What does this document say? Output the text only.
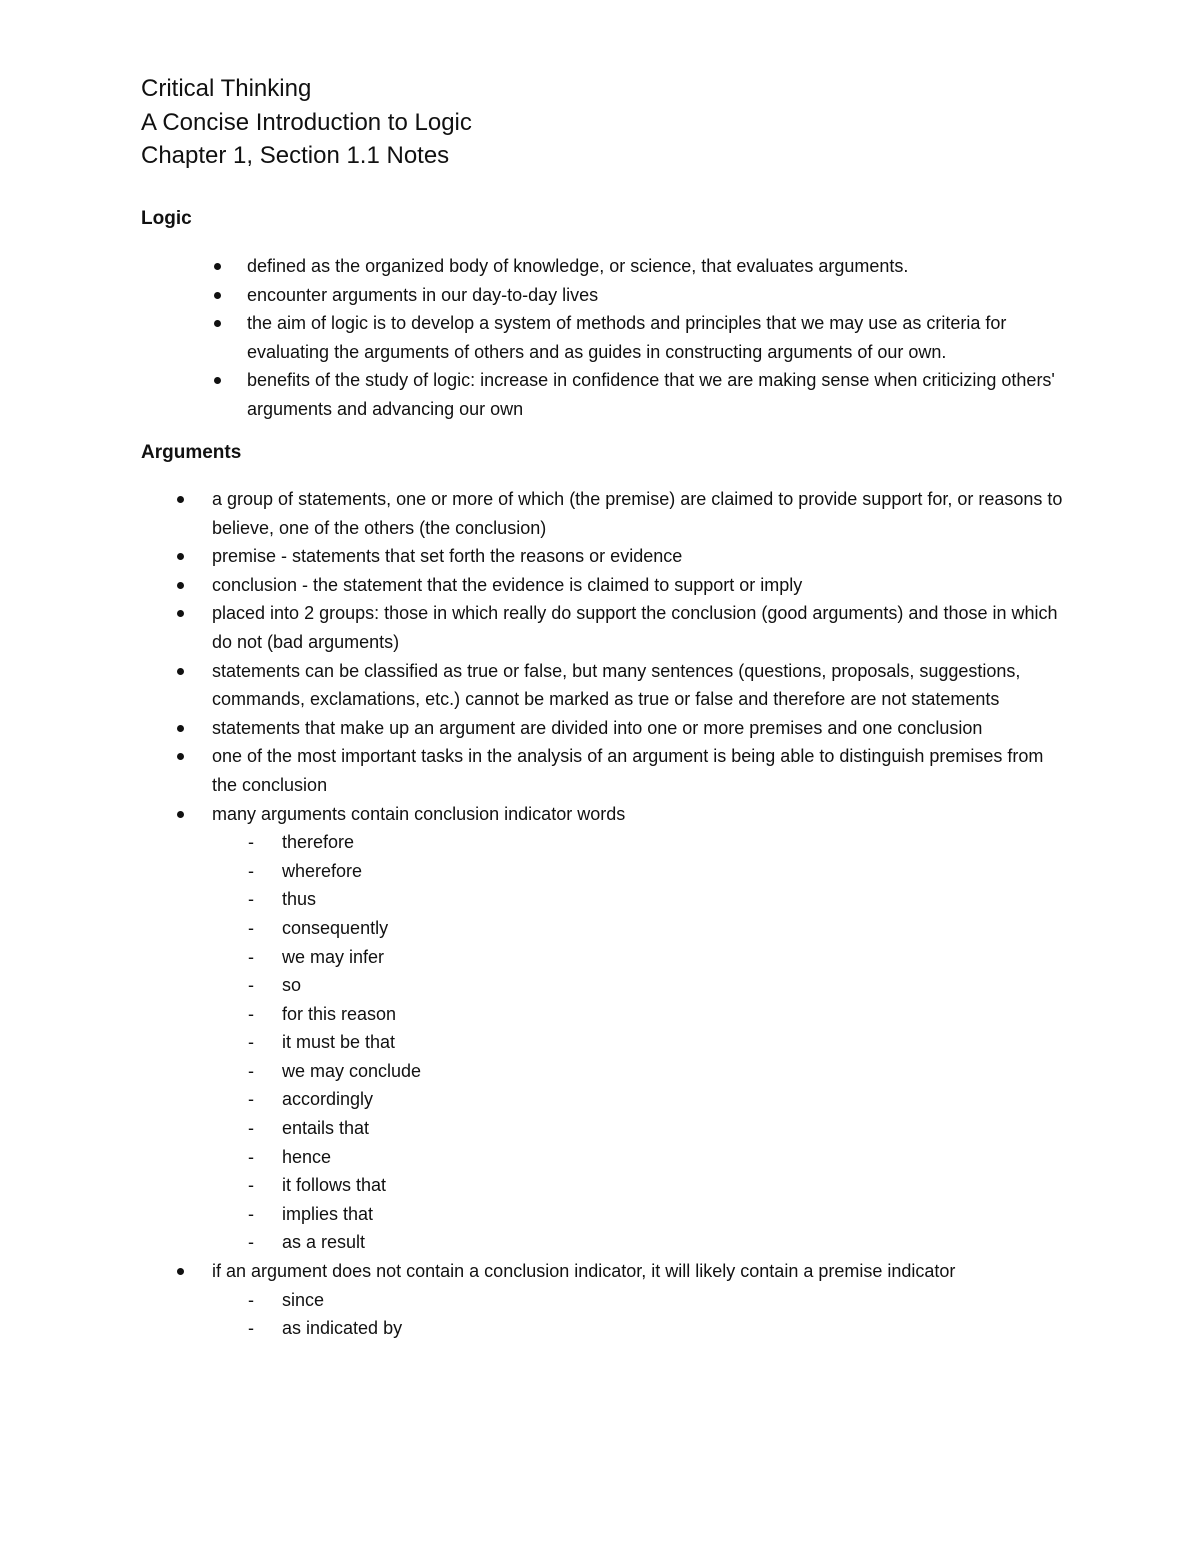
Critical Thinking

A Concise Introduction to Logic

Chapter 1, Section 1.1 Notes

Logic
defined as the organized body of knowledge, or science, that evaluates arguments.
encounter arguments in our day-to-day lives
the aim of logic is to develop a system of methods and principles that we may use as criteria for evaluating the arguments of others and as guides in constructing arguments of our own.
benefits of the study of logic: increase in confidence that we are making sense when criticizing others' arguments and advancing our own
Arguments
a group of statements, one or more of which (the premise) are claimed to provide support for, or reasons to believe, one of the others (the conclusion)
premise - statements that set forth the reasons or evidence
conclusion - the statement that the evidence is claimed to support or imply
placed into 2 groups: those in which really do support the conclusion (good arguments) and those in which do not (bad arguments)
statements can be classified as true or false, but many sentences (questions, proposals, suggestions, commands, exclamations, etc.) cannot be marked as true or false and therefore are not statements
statements that make up an argument are divided into one or more premises and one conclusion
one of the most important tasks in the analysis of an argument is being able to distinguish premises from the conclusion
many arguments contain conclusion indicator words
- therefore
- wherefore
- thus
- consequently
- we may infer
- so
- for this reason
- it must be that
- we may conclude
- accordingly
- entails that
- hence
- it follows that
- implies that
- as a result
if an argument does not contain a conclusion indicator, it will likely contain a premise indicator
- since
- as indicated by
